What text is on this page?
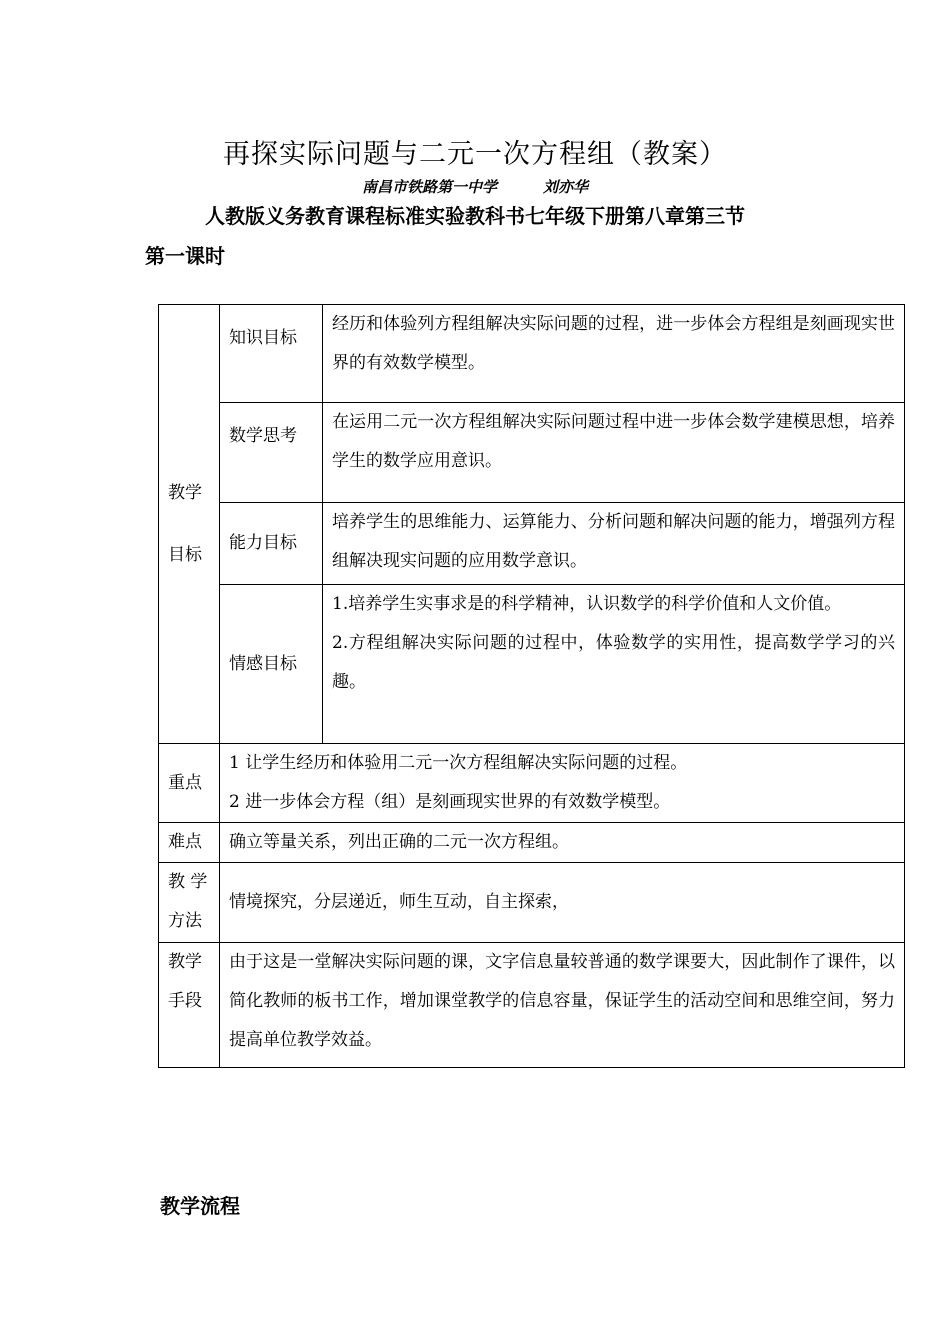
再探实际问题与二元一次方程组（教案）
南昌市铁路第一中学	刘亦华
人教版义务教育课程标准实验教科书七年级下册第八章第三节
第一课时
教学
目标	知识目标	经历和体验列方程组解决实际问题的过程，进一步体会方程组是刻画现实世界的有效数学模型。
	数学思考	在运用二元一次方程组解决实际问题过程中进一步体会数学建模思想，培养学生的数学应用意识。
	能力目标	培养学生的思维能力、运算能力、分析问题和解决问题的能力，增强列方程组解决现实问题的应用数学意识。
	情感目标	1.培养学生实事求是的科学精神，认识数学的科学价值和人文价值。
2.方程组解决实际问题的过程中，体验数学的实用性，提高数学学习的兴趣。

重点	1 让学生经历和体验用二元一次方程组解决实际问题的过程。
2 进一步体会方程（组）是刻画现实世界的有效数学模型。	

难点	确立等量关系，列出正确的二元一次方程组。	

教 学
方法	情境探究，分层递近，师生互动，自主探索，	

教学
手段	由于这是一堂解决实际问题的课，文字信息量较普通的数学课要大，因此制作了课件，以简化教师的板书工作，增加课堂教学的信息容量，保证学生的活动空间和思维空间，努力提高单位教学效益。	
教学流程
